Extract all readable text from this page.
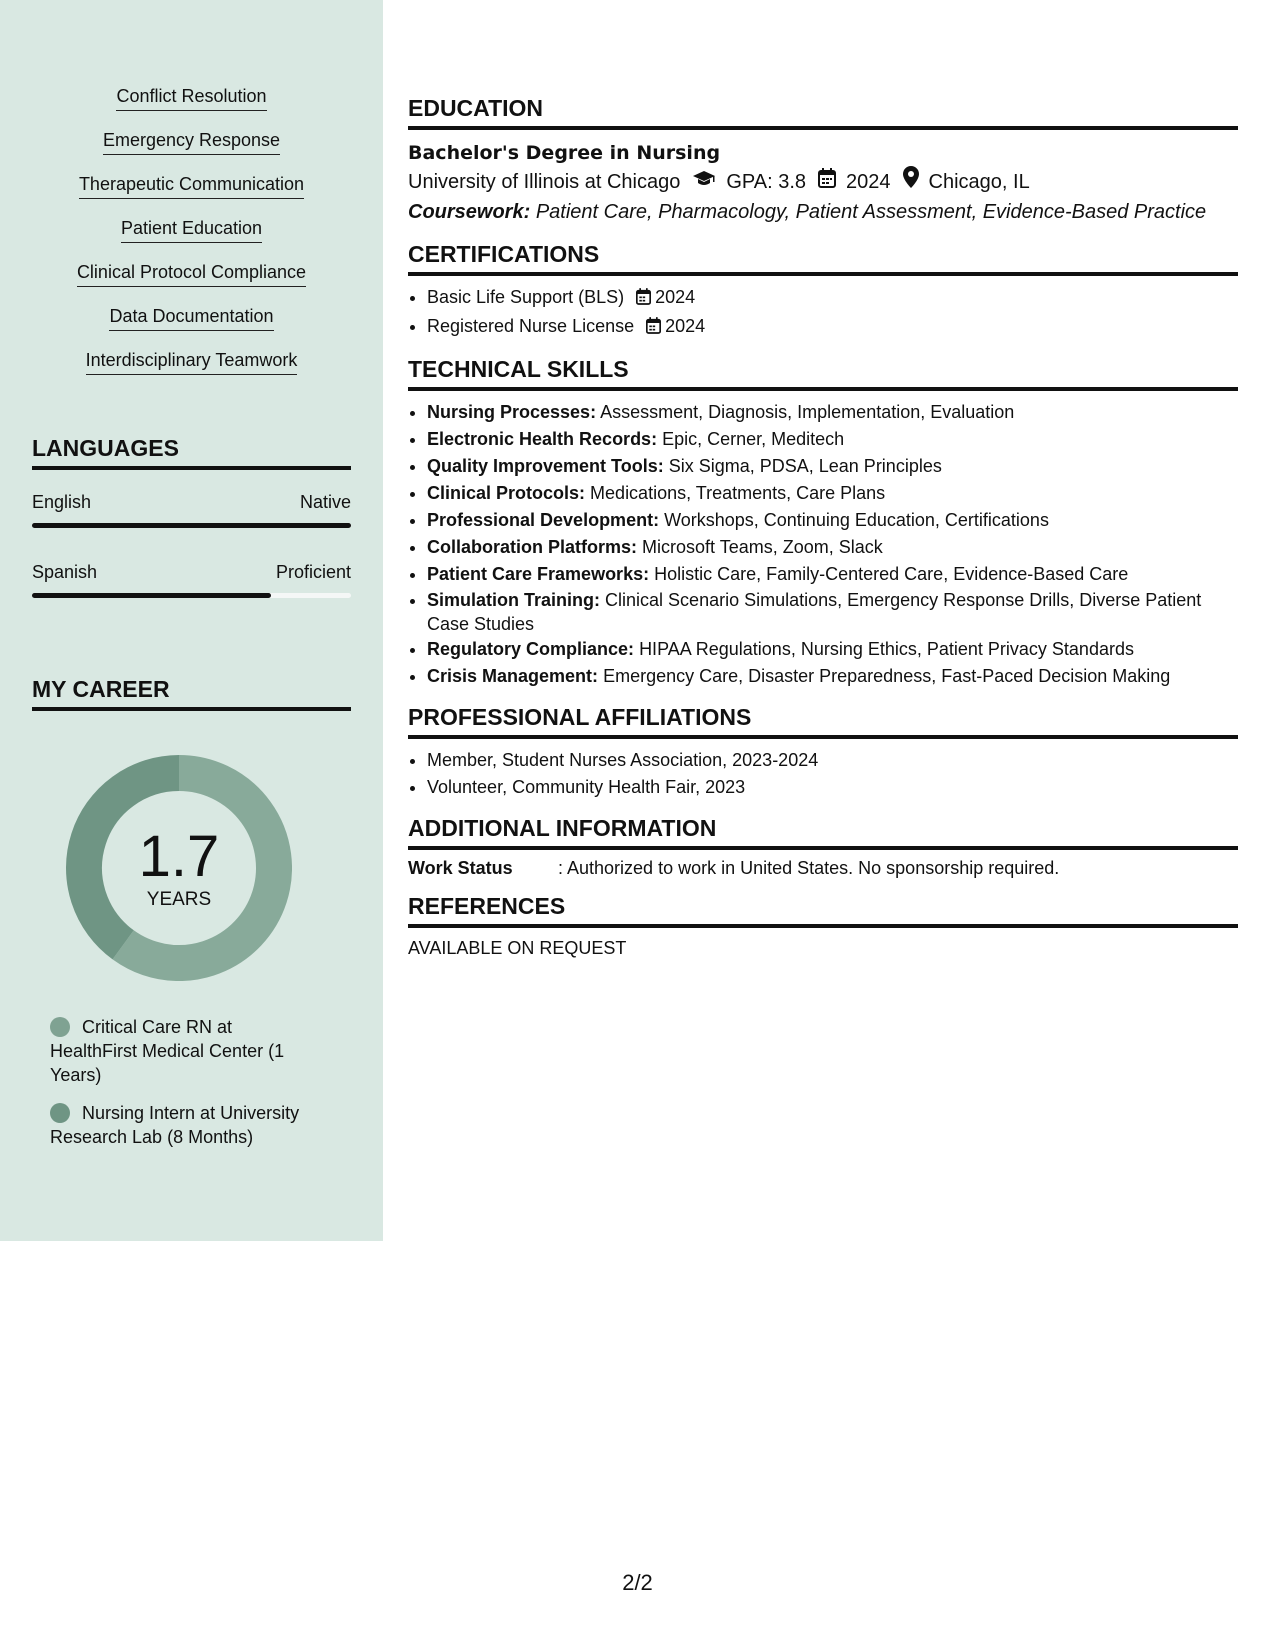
Conflict Resolution
Emergency Response
Therapeutic Communication
Patient Education
Clinical Protocol Compliance
Data Documentation
Interdisciplinary Teamwork
LANGUAGES
English	Native
Spanish	Proficient
MY CAREER
1.7
YEARS
Critical Care RN at HealthFirst Medical Center (1 Years)
Nursing Intern at University Research Lab (8 Months)
EDUCATION
Bachelor's Degree in Nursing
University of Illinois at Chicago GPA: 3.8 2024 Chicago, IL
Coursework: Patient Care, Pharmacology, Patient Assessment, Evidence-Based Practice
CERTIFICATIONS
• Basic Life Support (BLS) 2024
• Registered Nurse License 2024
TECHNICAL SKILLS
• Nursing Processes: Assessment, Diagnosis, Implementation, Evaluation
• Electronic Health Records: Epic, Cerner, Meditech
• Quality Improvement Tools: Six Sigma, PDSA, Lean Principles
• Clinical Protocols: Medications, Treatments, Care Plans
• Professional Development: Workshops, Continuing Education, Certifications
• Collaboration Platforms: Microsoft Teams, Zoom, Slack
• Patient Care Frameworks: Holistic Care, Family-Centered Care, Evidence-Based Care
• Simulation Training: Clinical Scenario Simulations, Emergency Response Drills, Diverse Patient Case Studies
• Regulatory Compliance: HIPAA Regulations, Nursing Ethics, Patient Privacy Standards
• Crisis Management: Emergency Care, Disaster Preparedness, Fast-Paced Decision Making
PROFESSIONAL AFFILIATIONS
• Member, Student Nurses Association, 2023-2024
• Volunteer, Community Health Fair, 2023
ADDITIONAL INFORMATION
Work Status	: Authorized to work in United States. No sponsorship required.
REFERENCES
AVAILABLE ON REQUEST
2/2
